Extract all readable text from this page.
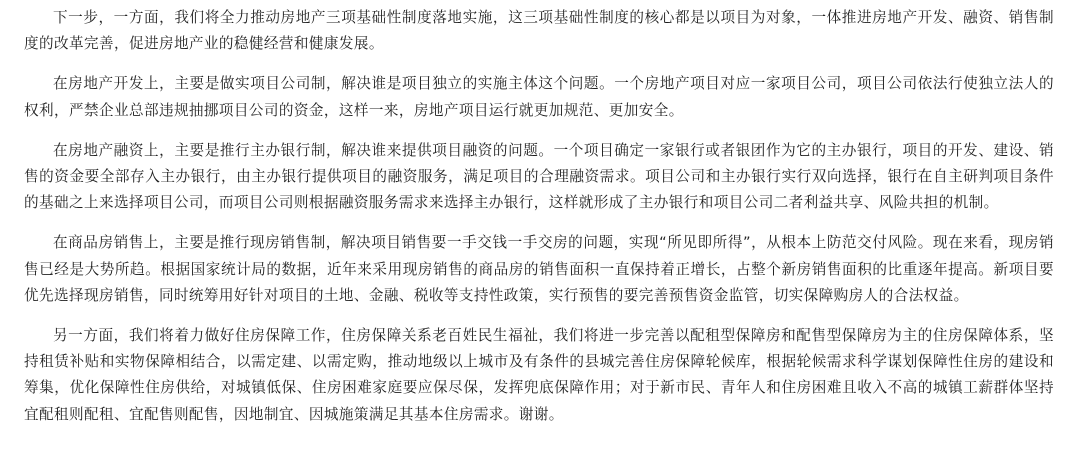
下一步，一方面，我们将全力推动房地产三项基础性制度落地实施，这三项基础性制度的核心都是以项目为对象，一体推进房地产开发、融资、销售制度的改革完善，促进房地产业的稳健经营和健康发展。

在房地产开发上，主要是做实项目公司制，解决谁是项目独立的实施主体这个问题。一个房地产项目对应一家项目公司，项目公司依法行使独立法人的权利，严禁企业总部违规抽挪项目公司的资金，这样一来，房地产项目运行就更加规范、更加安全。

在房地产融资上，主要是推行主办银行制，解决谁来提供项目融资的问题。一个项目确定一家银行或者银团作为它的主办银行，项目的开发、建设、销售的资金要全部存入主办银行，由主办银行提供项目的融资服务，满足项目的合理融资需求。项目公司和主办银行实行双向选择，银行在自主研判项目条件的基础之上来选择项目公司，而项目公司则根据融资服务需求来选择主办银行，这样就形成了主办银行和项目公司二者利益共享、风险共担的机制。

在商品房销售上，主要是推行现房销售制，解决项目销售要一手交钱一手交房的问题，实现“所见即所得”，从根本上防范交付风险。现在来看，现房销售已经是大势所趋。根据国家统计局的数据，近年来采用现房销售的商品房的销售面积一直保持着正增长，占整个新房销售面积的比重逐年提高。新项目要优先选择现房销售，同时统筹用好针对项目的土地、金融、税收等支持性政策，实行预售的要完善预售资金监管，切实保障购房人的合法权益。

另一方面，我们将着力做好住房保障工作，住房保障关系老百姓民生福祉，我们将进一步完善以配租型保障房和配售型保障房为主的住房保障体系，坚持租赁补贴和实物保障相结合，以需定建、以需定购，推动地级以上城市及有条件的县城完善住房保障轮候库，根据轮候需求科学谋划保障性住房的建设和筹集，优化保障性住房供给，对城镇低保、住房困难家庭要应保尽保，发挥兜底保障作用；对于新市民、青年人和住房困难且收入不高的城镇工薪群体坚持宜配租则配租、宜配售则配售，因地制宜、因城施策满足其基本住房需求。谢谢。
